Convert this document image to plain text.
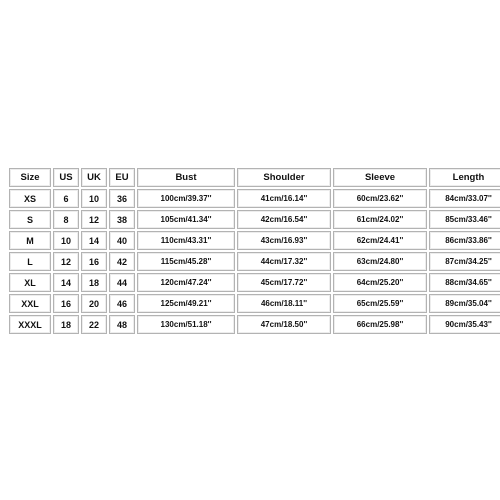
Size	US	UK	EU	Bust	Shoulder	Sleeve	Length
XS	6	10	36	100cm/39.37''	41cm/16.14''	60cm/23.62''	84cm/33.07''
S	8	12	38	105cm/41.34''	42cm/16.54''	61cm/24.02''	85cm/33.46''
M	10	14	40	110cm/43.31''	43cm/16.93''	62cm/24.41''	86cm/33.86''
L	12	16	42	115cm/45.28''	44cm/17.32''	63cm/24.80''	87cm/34.25''
XL	14	18	44	120cm/47.24''	45cm/17.72''	64cm/25.20''	88cm/34.65''
XXL	16	20	46	125cm/49.21''	46cm/18.11''	65cm/25.59''	89cm/35.04''
XXXL	18	22	48	130cm/51.18''	47cm/18.50''	66cm/25.98''	90cm/35.43''
